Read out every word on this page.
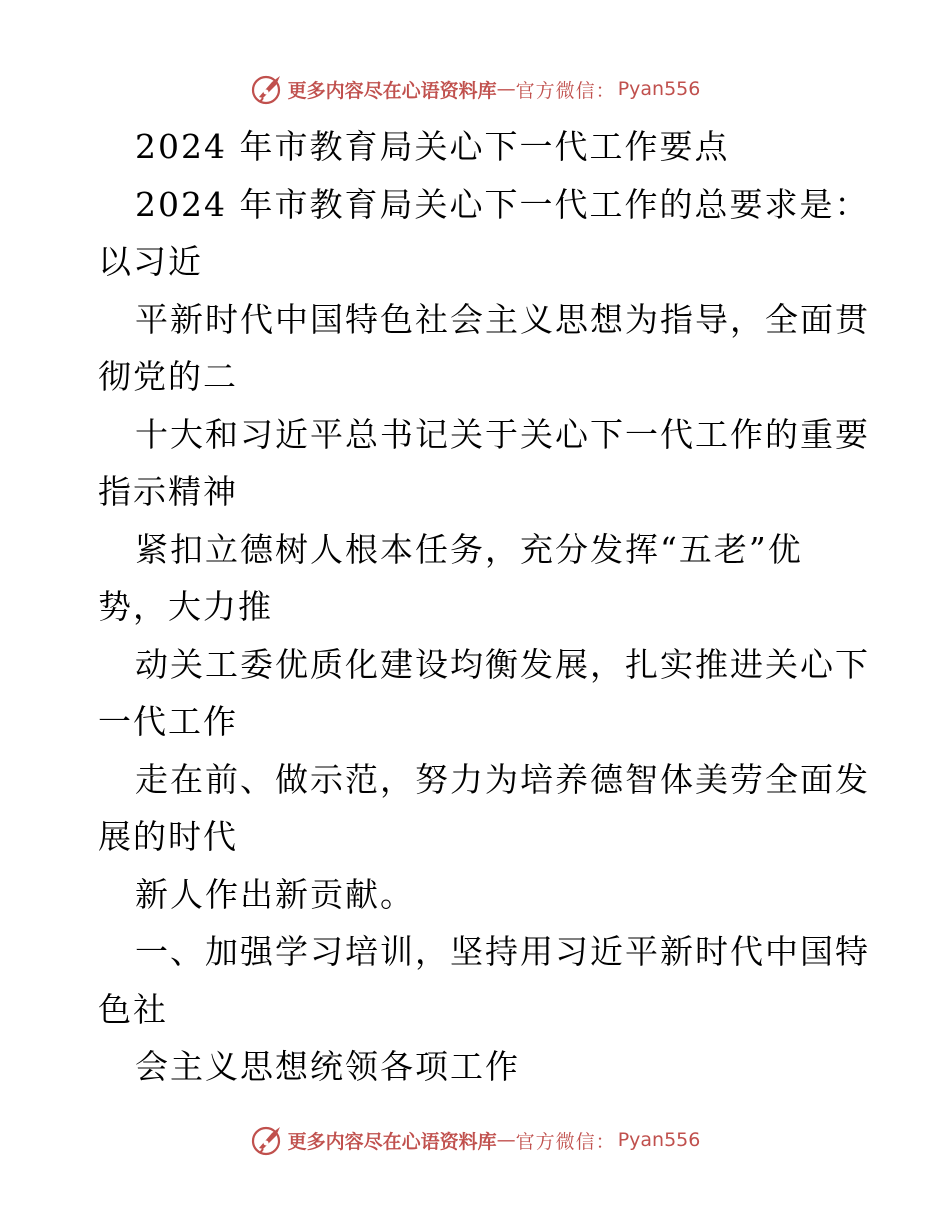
更多内容尽在心语资料库 — 官方微信： Pyan556
2024 年市教育局关心下一代工作要点
2024 年市教育局关心下一代工作的总要求是：
以习近
平新时代中国特色社会主义思想为指导，全面贯
彻党的二
十大和习近平总书记关于关心下一代工作的重要
指示精神
紧扣立德树人根本任务，充分发挥“五老”优
势，大力推
动关工委优质化建设均衡发展，扎实推进关心下
一代工作
走在前、做示范，努力为培养德智体美劳全面发
展的时代
新人作出新贡献。
一、加强学习培训，坚持用习近平新时代中国特
色社
会主义思想统领各项工作
更多内容尽在心语资料库 — 官方微信： Pyan556
